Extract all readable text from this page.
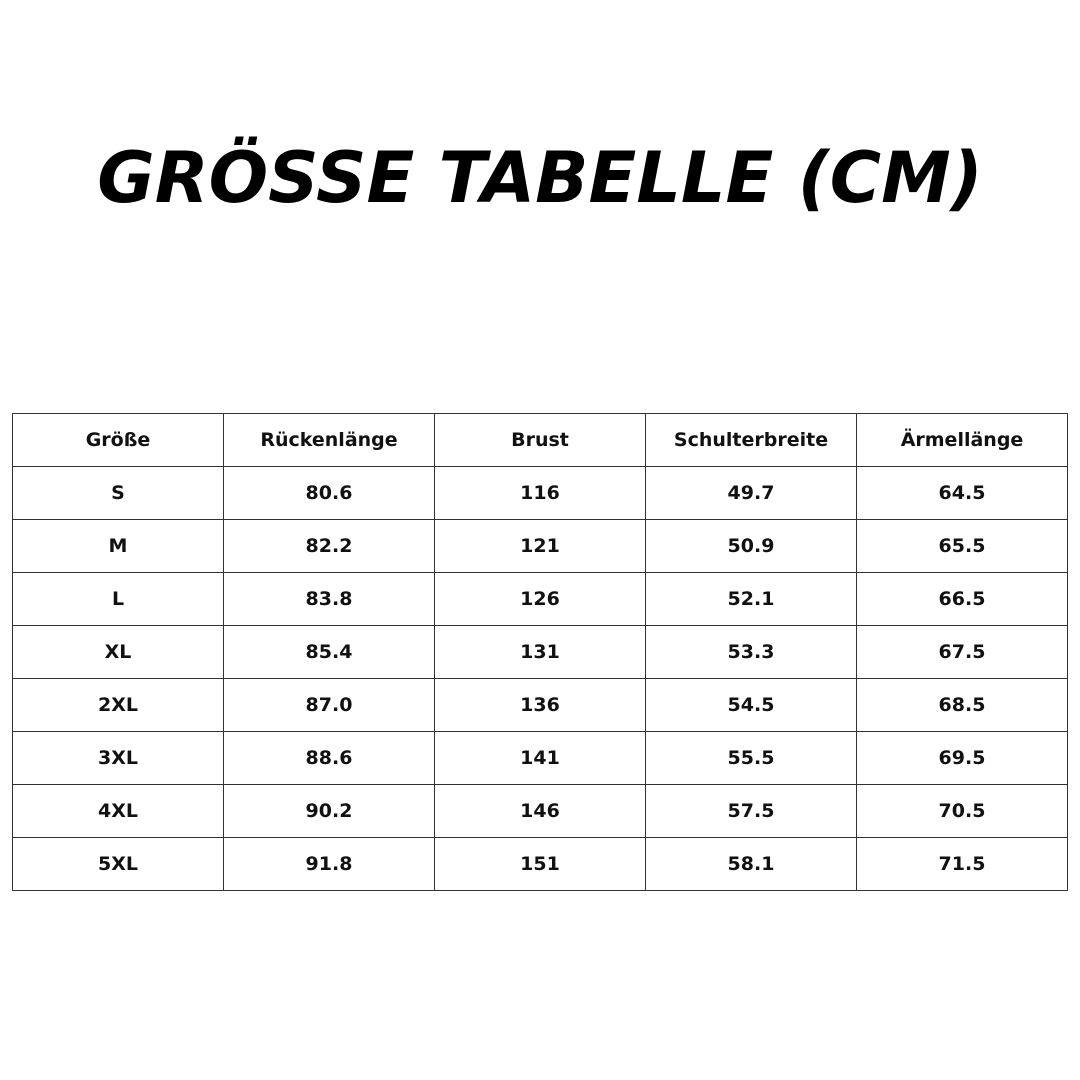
GRÖSSE TABELLE (CM)
Größe	Rückenlänge	Brust	Schulterbreite	Ärmellänge
S	80.6	116	49.7	64.5
M	82.2	121	50.9	65.5
L	83.8	126	52.1	66.5
XL	85.4	131	53.3	67.5
2XL	87.0	136	54.5	68.5
3XL	88.6	141	55.5	69.5
4XL	90.2	146	57.5	70.5
5XL	91.8	151	58.1	71.5
